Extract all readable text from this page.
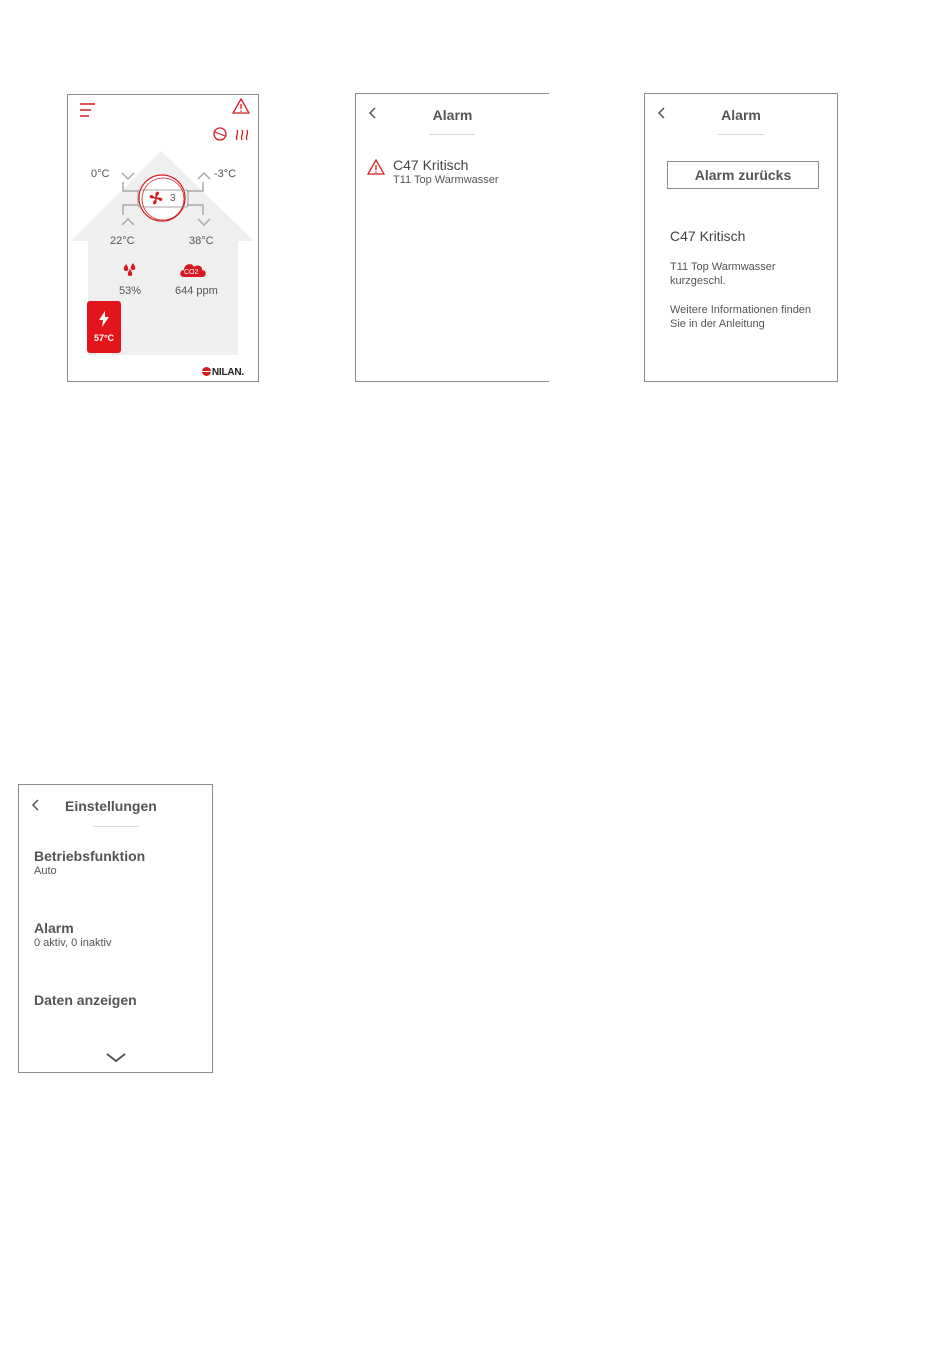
3
0°C	-3°C
22°C	38°C
53%
CO2
644 ppm
57°C
NILAN.
Alarm
C47 Kritisch
T11 Top Warmwasser
Alarm
Alarm zurücks
C47 Kritisch
T11 Top Warmwasser kurzgeschl.
Weitere Informationen finden Sie in der Anleitung
Einstellungen
Betriebsfunktion
Auto
Alarm
0 aktiv, 0 inaktiv
Daten anzeigen
